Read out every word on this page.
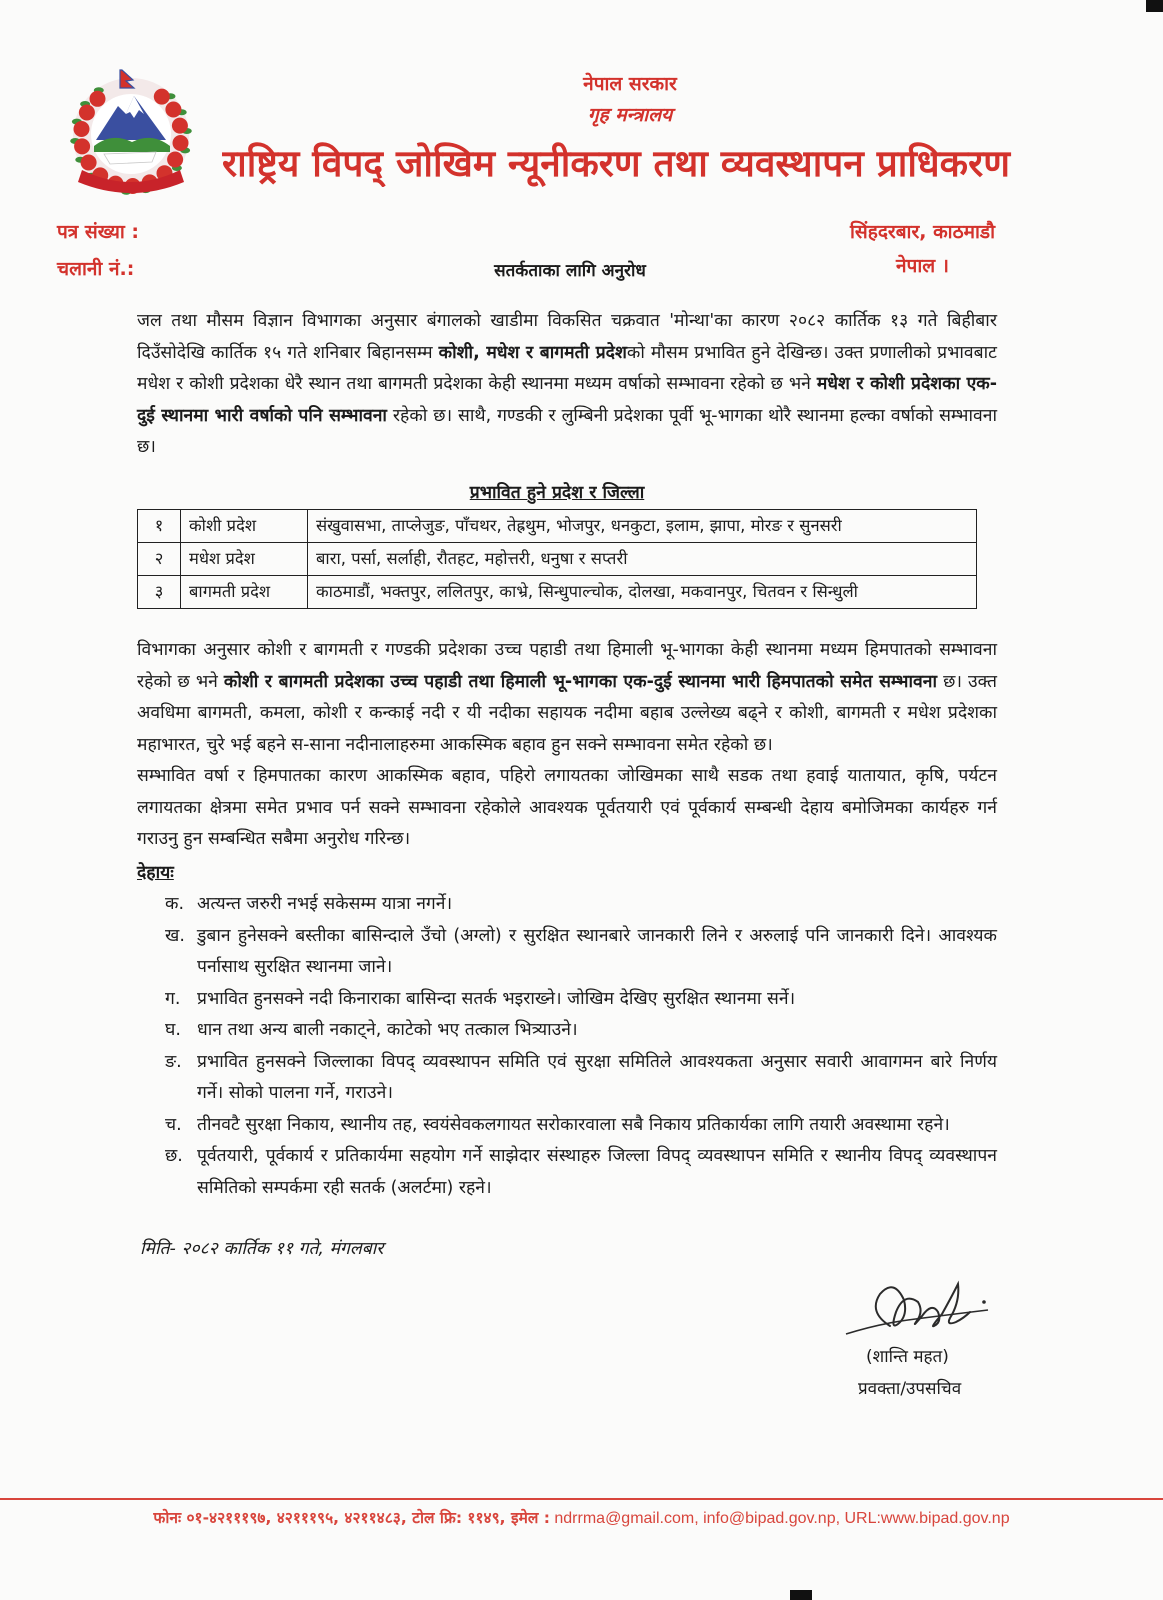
नेपाल सरकार
गृह मन्त्रालय
राष्ट्रिय विपद् जोखिम न्यूनीकरण तथा व्यवस्थापन प्राधिकरण
पत्र संख्या :
चलानी नं.:
सिंहदरबार, काठमाडौ
नेपाल ।
सतर्कताका लागि अनुरोध

जल तथा मौसम विज्ञान विभागका अनुसार बंगालको खाडीमा विकसित चक्रवात 'मोन्था'का कारण २०८२ कार्तिक १३ गते बिहीबार दिउँसोदेखि कार्तिक १५ गते शनिबार बिहानसम्म कोशी, मधेश र बागमती प्रदेशको मौसम प्रभावित हुने देखिन्छ। उक्त प्रणालीको प्रभावबाट मधेश र कोशी प्रदेशका धेरै स्थान तथा बागमती प्रदेशका केही स्थानमा मध्यम वर्षाको सम्भावना रहेको छ भने मधेश र कोशी प्रदेशका एक-दुई स्थानमा भारी वर्षाको पनि सम्भावना रहेको छ। साथै, गण्डकी र लुम्बिनी प्रदेशका पूर्वी भू-भागका थोरै स्थानमा हल्का वर्षाको सम्भावना छ।

प्रभावित हुने प्रदेश र जिल्ला

१	कोशी प्रदेश	संखुवासभा, ताप्लेजुङ, पाँचथर, तेह्रथुम, भोजपुर, धनकुटा, इलाम, झापा, मोरङ र सुनसरी
२	मधेश प्रदेश	बारा, पर्सा, सर्लाही, रौतहट, महोत्तरी, धनुषा र सप्तरी
३	बागमती प्रदेश	काठमाडौं, भक्तपुर, ललितपुर, काभ्रे, सिन्धुपाल्चोक, दोलखा, मकवानपुर, चितवन र सिन्धुली

विभागका अनुसार कोशी र बागमती र गण्डकी प्रदेशका उच्च पहाडी तथा हिमाली भू-भागका केही स्थानमा मध्यम हिमपातको सम्भावना रहेको छ भने कोशी र बागमती प्रदेशका उच्च पहाडी तथा हिमाली भू-भागका एक-दुई स्थानमा भारी हिमपातको समेत सम्भावना छ। उक्त अवधिमा बागमती, कमला, कोशी र कन्काई नदी र यी नदीका सहायक नदीमा बहाब उल्लेख्य बढ्ने र कोशी, बागमती र मधेश प्रदेशका महाभारत, चुरे भई बहने स-साना नदीनालाहरुमा आकस्मिक बहाव हुन सक्ने सम्भावना समेत रहेको छ।

सम्भावित वर्षा र हिमपातका कारण आकस्मिक बहाव, पहिरो लगायतका जोखिमका साथै सडक तथा हवाई यातायात, कृषि, पर्यटन लगायतका क्षेत्रमा समेत प्रभाव पर्न सक्ने सम्भावना रहेकोले आवश्यक पूर्वतयारी एवं पूर्वकार्य सम्बन्धी देहाय बमोजिमका कार्यहरु गर्न गराउनु हुन सम्बन्धित सबैमा अनुरोध गरिन्छ।

देहायः

क. अत्यन्त जरुरी नभई सकेसम्म यात्रा नगर्ने।
ख. डुबान हुनेसक्ने बस्तीका बासिन्दाले उँचो (अग्लो) र सुरक्षित स्थानबारे जानकारी लिने र अरुलाई पनि जानकारी दिने। आवश्यक पर्नासाथ सुरक्षित स्थानमा जाने।
ग. प्रभावित हुनसक्ने नदी किनाराका बासिन्दा सतर्क भइराख्ने। जोखिम देखिए सुरक्षित स्थानमा सर्ने।
घ. धान तथा अन्य बाली नकाट्ने, काटेको भए तत्काल भित्र्याउने।
ङ. प्रभावित हुनसक्ने जिल्लाका विपद् व्यवस्थापन समिति एवं सुरक्षा समितिले आवश्यकता अनुसार सवारी आवागमन बारे निर्णय गर्ने। सोको पालना गर्ने, गराउने।
च. तीनवटै सुरक्षा निकाय, स्थानीय तह, स्वयंसेवकलगायत सरोकारवाला सबै निकाय प्रतिकार्यका लागि तयारी अवस्थामा रहने।
छ. पूर्वतयारी, पूर्वकार्य र प्रतिकार्यमा सहयोग गर्ने साझेदार संस्थाहरु जिल्ला विपद् व्यवस्थापन समिति र स्थानीय विपद् व्यवस्थापन समितिको सम्पर्कमा रही सतर्क (अलर्टमा) रहने।

मिति- २०८२ कार्तिक ११ गते, मंगलबार

(शान्ति महत)
प्रवक्ता/उपसचिव
फोनः ०१-४२१११९७, ४२१११९५, ४२११४८३, टोल फ्रि: ११४९, इमेल : ndrrma@gmail.com, info@bipad.gov.np, URL:www.bipad.gov.np
